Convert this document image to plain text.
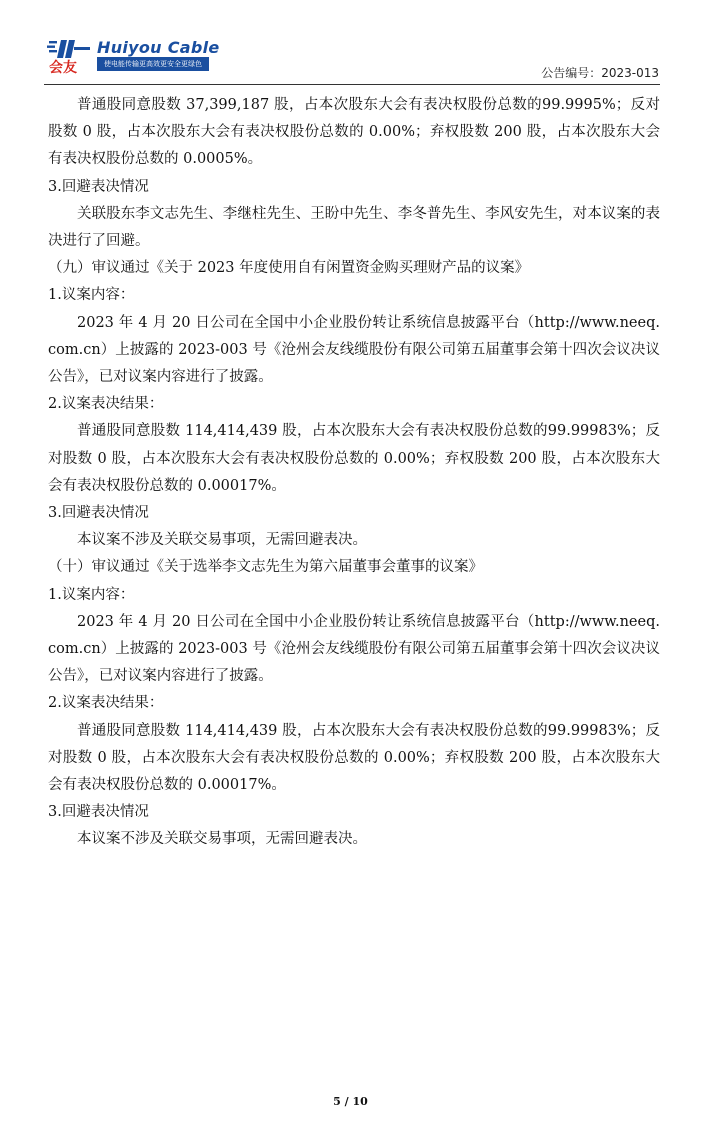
会友
Huiyou Cable
使电能传输更高效更安全更绿色
公告编号：2023-013

普通股同意股数 37,399,187 股，占本次股东大会有表决权股份总数的99.9995%；反对股数 0 股，占本次股东大会有表决权股份总数的 0.00%；弃权股数 200 股，占本次股东大会有表决权股份总数的 0.0005%。

3.回避表决情况

关联股东李文志先生、李继柱先生、王盼中先生、李冬普先生、李风安先生，对本议案的表决进行了回避。

（九）审议通过《关于 2023 年度使用自有闲置资金购买理财产品的议案》

1.议案内容：

2023 年 4 月 20 日公司在全国中小企业股份转让系统信息披露平台（http://www.neeq.com.cn）上披露的 2023-003 号《沧州会友线缆股份有限公司第五届董事会第十四次会议决议公告》，已对议案内容进行了披露。

2.议案表决结果：

普通股同意股数 114,414,439 股，占本次股东大会有表决权股份总数的99.99983%；反对股数 0 股，占本次股东大会有表决权股份总数的 0.00%；弃权股数 200 股，占本次股东大会有表决权股份总数的 0.00017%。

3.回避表决情况

本议案不涉及关联交易事项，无需回避表决。

（十）审议通过《关于选举李文志先生为第六届董事会董事的议案》

1.议案内容：

2023 年 4 月 20 日公司在全国中小企业股份转让系统信息披露平台（http://www.neeq.com.cn）上披露的 2023-003 号《沧州会友线缆股份有限公司第五届董事会第十四次会议决议公告》，已对议案内容进行了披露。

2.议案表决结果：

普通股同意股数 114,414,439 股，占本次股东大会有表决权股份总数的99.99983%；反对股数 0 股，占本次股东大会有表决权股份总数的 0.00%；弃权股数 200 股，占本次股东大会有表决权股份总数的 0.00017%。

3.回避表决情况

本议案不涉及关联交易事项，无需回避表决。

5 / 10
